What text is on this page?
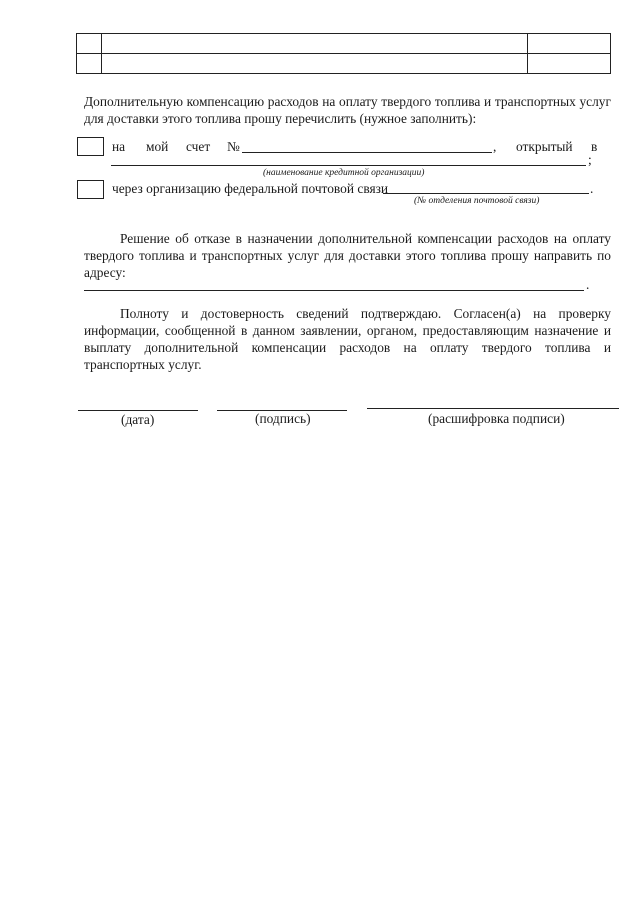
Дополнительную компенсацию расходов на оплату твердого топлива и транспортных услуг для доставки этого топлива прошу перечислить (нужное заполнить):
на мой счет №	, открытый в
;
(наименование кредитной организации)
через организацию федеральной почтовой связи	.
(№ отделения почтовой связи)
Решение об отказе в назначении дополнительной компенсации расходов на оплату твердого топлива и транспортных услуг для доставки этого топлива прошу направить по адресу:
.
Полноту и достоверность сведений подтверждаю. Согласен(а) на проверку информации, сообщенной в данном заявлении, органом, предоставляющим назначение и выплату дополнительной компенсации расходов на оплату твердого топлива и транспортных услуг.
(дата)	(подпись)	(расшифровка подписи)
